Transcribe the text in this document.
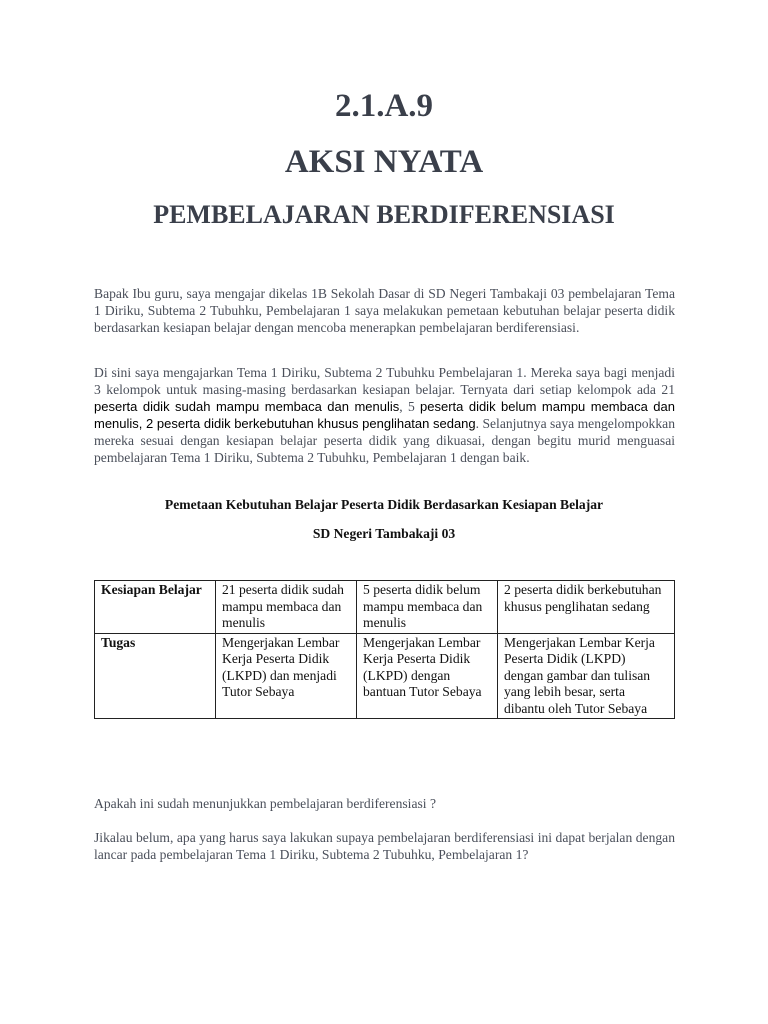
2.1.A.9
AKSI NYATA
PEMBELAJARAN BERDIFERENSIASI

Bapak Ibu guru, saya mengajar dikelas 1B Sekolah Dasar di SD Negeri Tambakaji 03 pembelajaran Tema 1 Diriku, Subtema 2 Tubuhku, Pembelajaran 1 saya melakukan pemetaan kebutuhan belajar peserta didik berdasarkan kesiapan belajar dengan mencoba menerapkan pembelajaran berdiferensiasi.

Di sini saya mengajarkan Tema 1 Diriku, Subtema 2 Tubuhku Pembelajaran 1. Mereka saya bagi menjadi 3 kelompok untuk masing-masing berdasarkan kesiapan belajar. Ternyata dari setiap kelompok ada 21 peserta didik sudah mampu membaca dan menulis, 5 peserta didik belum mampu membaca dan menulis, 2 peserta didik berkebutuhan khusus penglihatan sedang. Selanjutnya saya mengelompokkan mereka sesuai dengan kesiapan belajar peserta didik yang dikuasai, dengan begitu murid menguasai pembelajaran Tema 1 Diriku, Subtema 2 Tubuhku, Pembelajaran 1 dengan baik.

Pemetaan Kebutuhan Belajar Peserta Didik Berdasarkan Kesiapan Belajar

SD Negeri Tambakaji 03

Kesiapan Belajar	21 peserta didik sudah mampu membaca dan menulis	5 peserta didik belum mampu membaca dan menulis	2 peserta didik berkebutuhan khusus penglihatan sedang
Tugas	Mengerjakan Lembar Kerja Peserta Didik (LKPD) dan menjadi Tutor Sebaya	Mengerjakan Lembar Kerja Peserta Didik (LKPD) dengan bantuan Tutor Sebaya	Mengerjakan Lembar Kerja Peserta Didik (LKPD) dengan gambar dan tulisan yang lebih besar, serta dibantu oleh Tutor Sebaya

Apakah ini sudah menunjukkan pembelajaran berdiferensiasi ?

Jikalau belum, apa yang harus saya lakukan supaya pembelajaran berdiferensiasi ini dapat berjalan dengan lancar pada pembelajaran Tema 1 Diriku, Subtema 2 Tubuhku, Pembelajaran 1?
